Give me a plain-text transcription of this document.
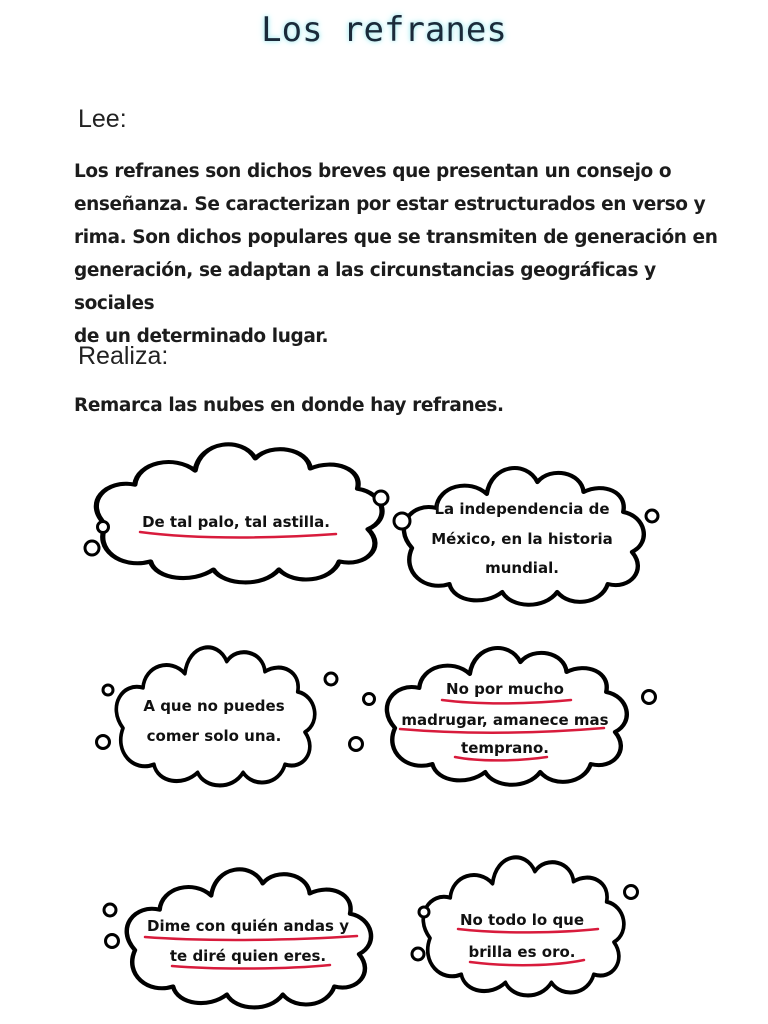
Los refranes
Lee:
Los refranes son dichos breves que presentan un consejo o
enseñanza. Se caracterizan por estar estructurados en verso y
rima. Son dichos populares que se transmiten de generación en
generación, se adaptan a las circunstancias geográficas y sociales
de un determinado lugar.
Realiza:
Remarca las nubes en donde hay refranes.
De tal palo, tal astilla.
La independencia de
México, en la historia
mundial.
A que no puedes
comer solo una.
No por mucho
madrugar, amanece mas
temprano.
Dime con quién andas y
te diré quien eres.
No todo lo que
brilla es oro.
